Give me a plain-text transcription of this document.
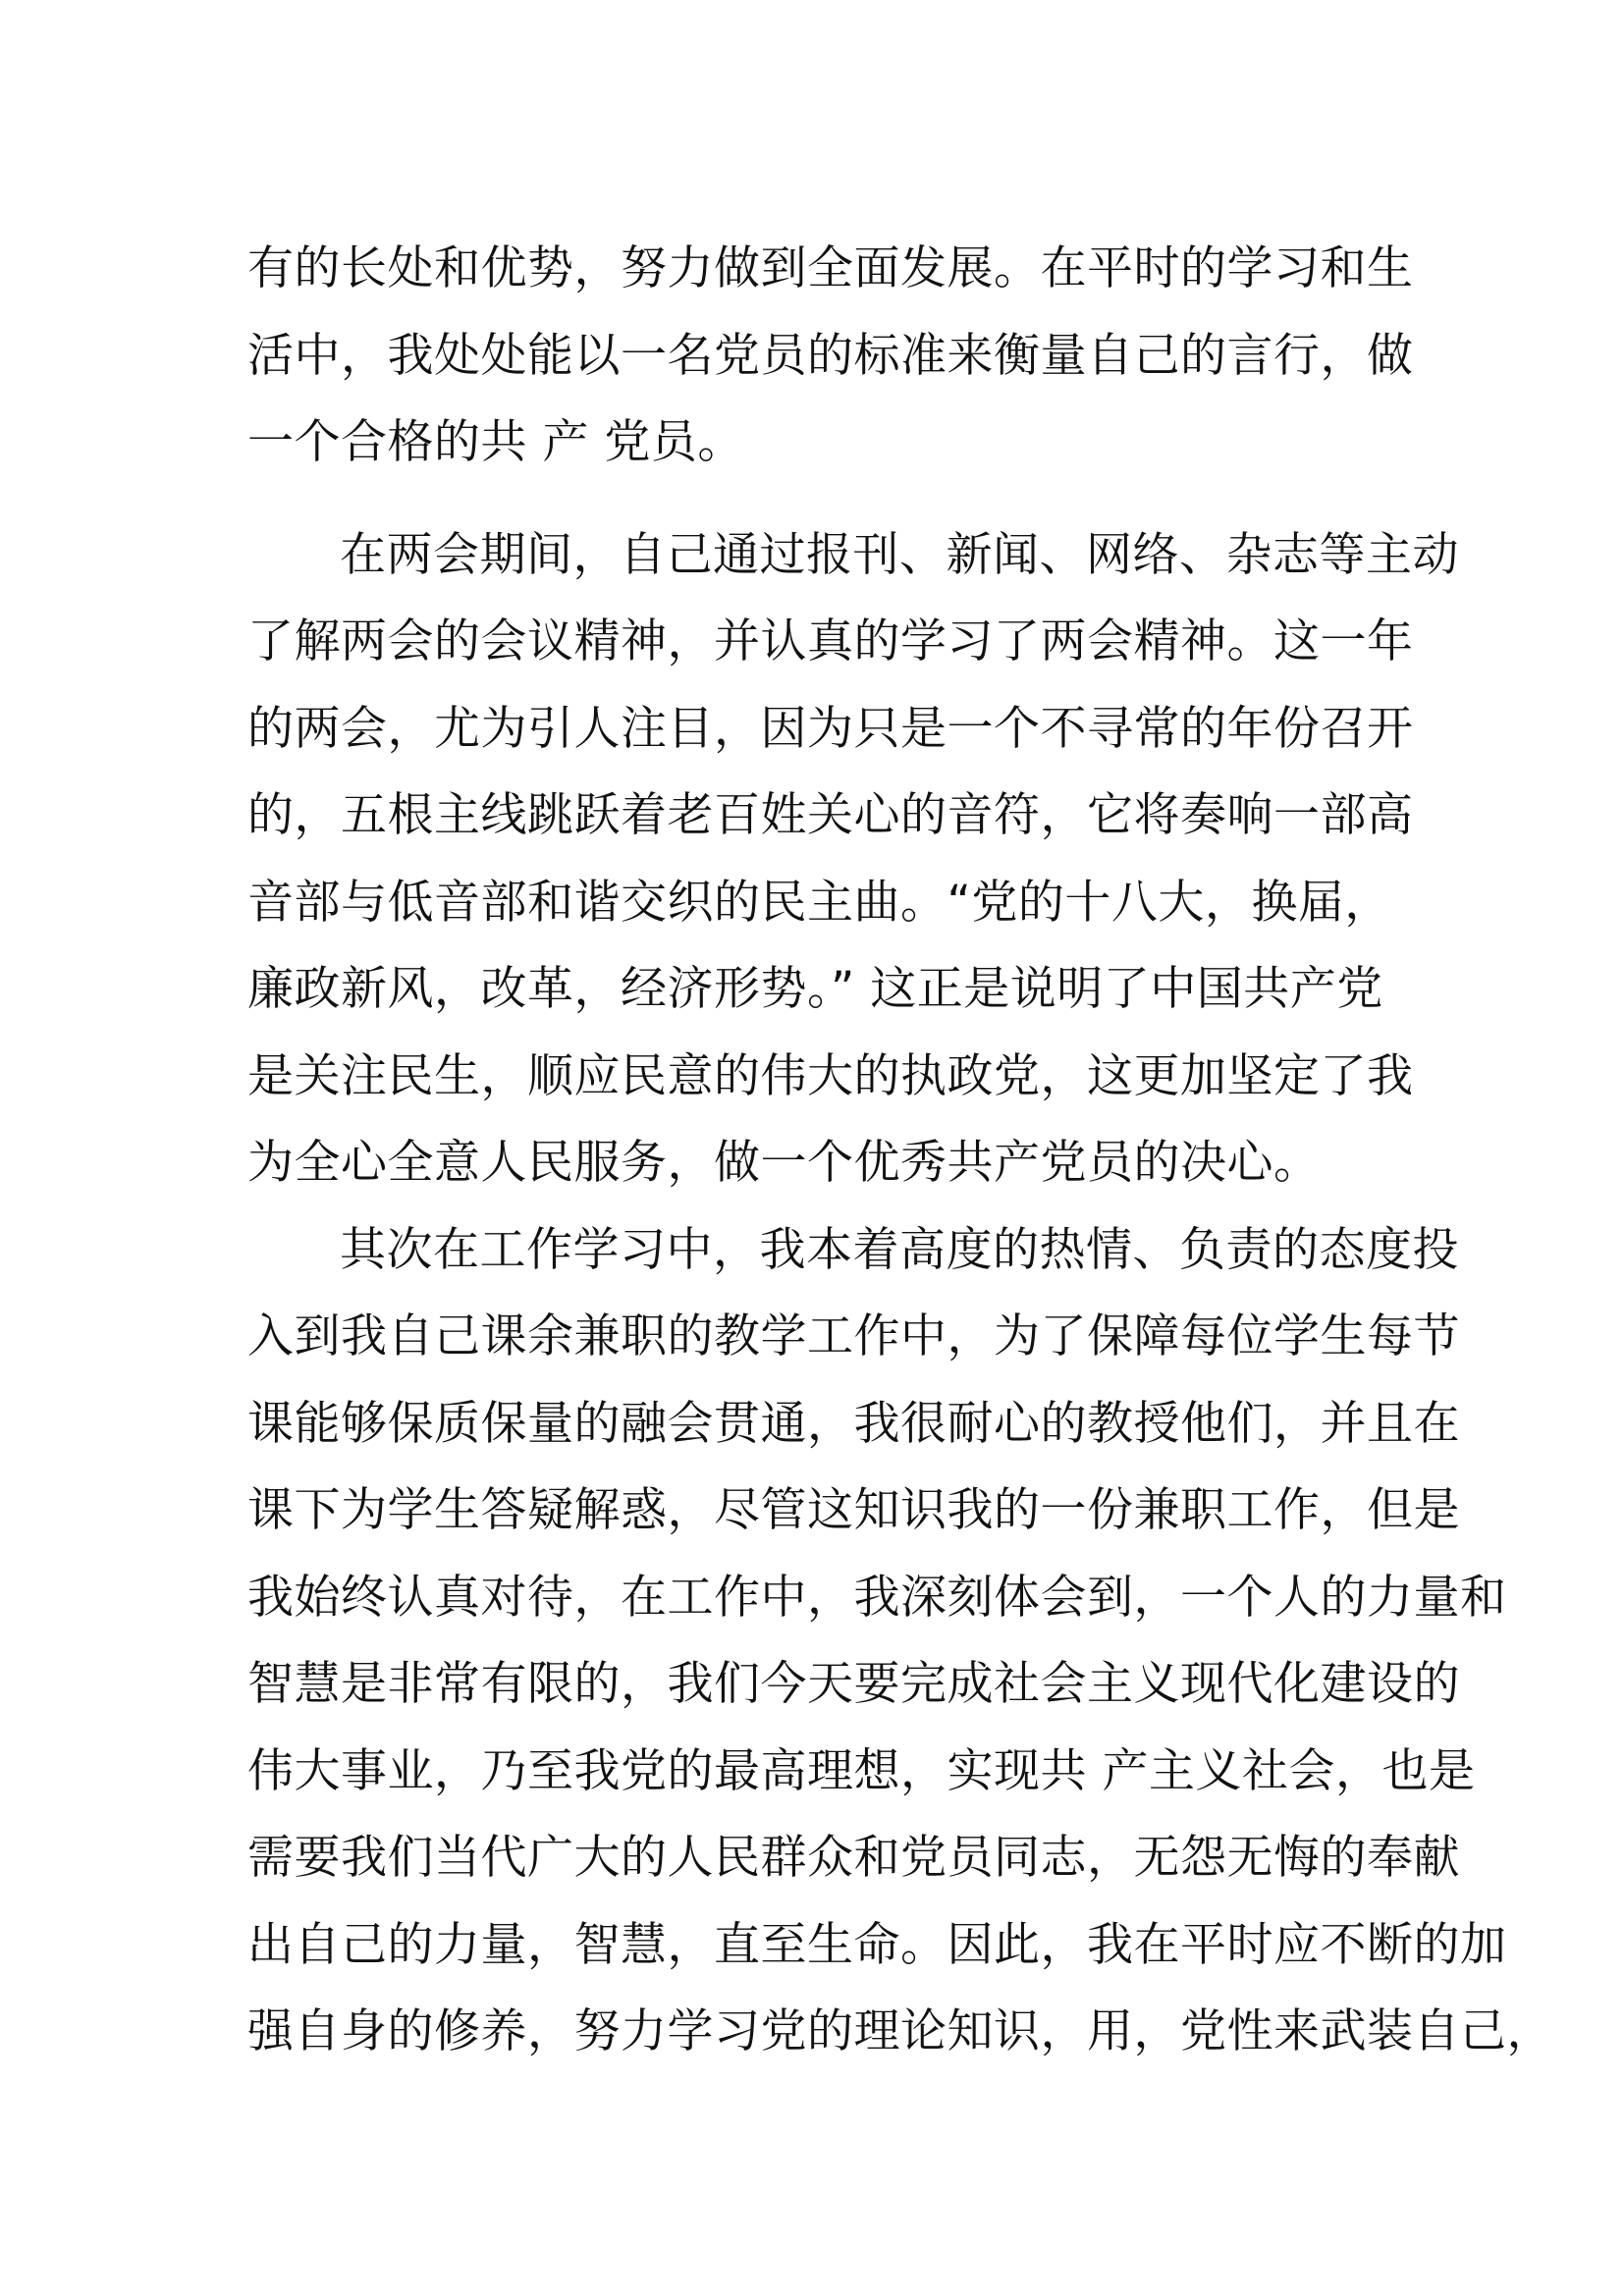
有的长处和优势，努力做到全面发展。在平时的学习和生
活中，我处处能以一名党员的标准来衡量自己的言行，做
一个合格的共 产 党员。
在两会期间，自己通过报刊、新闻、网络、杂志等主动
了解两会的会议精神，并认真的学习了两会精神。这一年
的两会，尤为引人注目，因为只是一个不寻常的年份召开
的，五根主线跳跃着老百姓关心的音符，它将奏响一部高
音部与低音部和谐交织的民主曲。“党的十八大，换届，
廉政新风，改革，经济形势。” 这正是说明了中国共产党
是关注民生，顺应民意的伟大的执政党，这更加坚定了我
为全心全意人民服务，做一个优秀共产党员的决心。
其次在工作学习中，我本着高度的热情、负责的态度投
入到我自己课余兼职的教学工作中，为了保障每位学生每节
课能够保质保量的融会贯通，我很耐心的教授他们，并且在
课下为学生答疑解惑，尽管这知识我的一份兼职工作，但是
我始终认真对待，在工作中，我深刻体会到，一个人的力量和
智慧是非常有限的，我们今天要完成社会主义现代化建设的
伟大事业，乃至我党的最高理想，实现共 产主义社会，也是
需要我们当代广大的人民群众和党员同志，无怨无悔的奉献
出自己的力量，智慧，直至生命。因此，我在平时应不断的加
强自身的修养，努力学习党的理论知识，用，党性来武装自己，
